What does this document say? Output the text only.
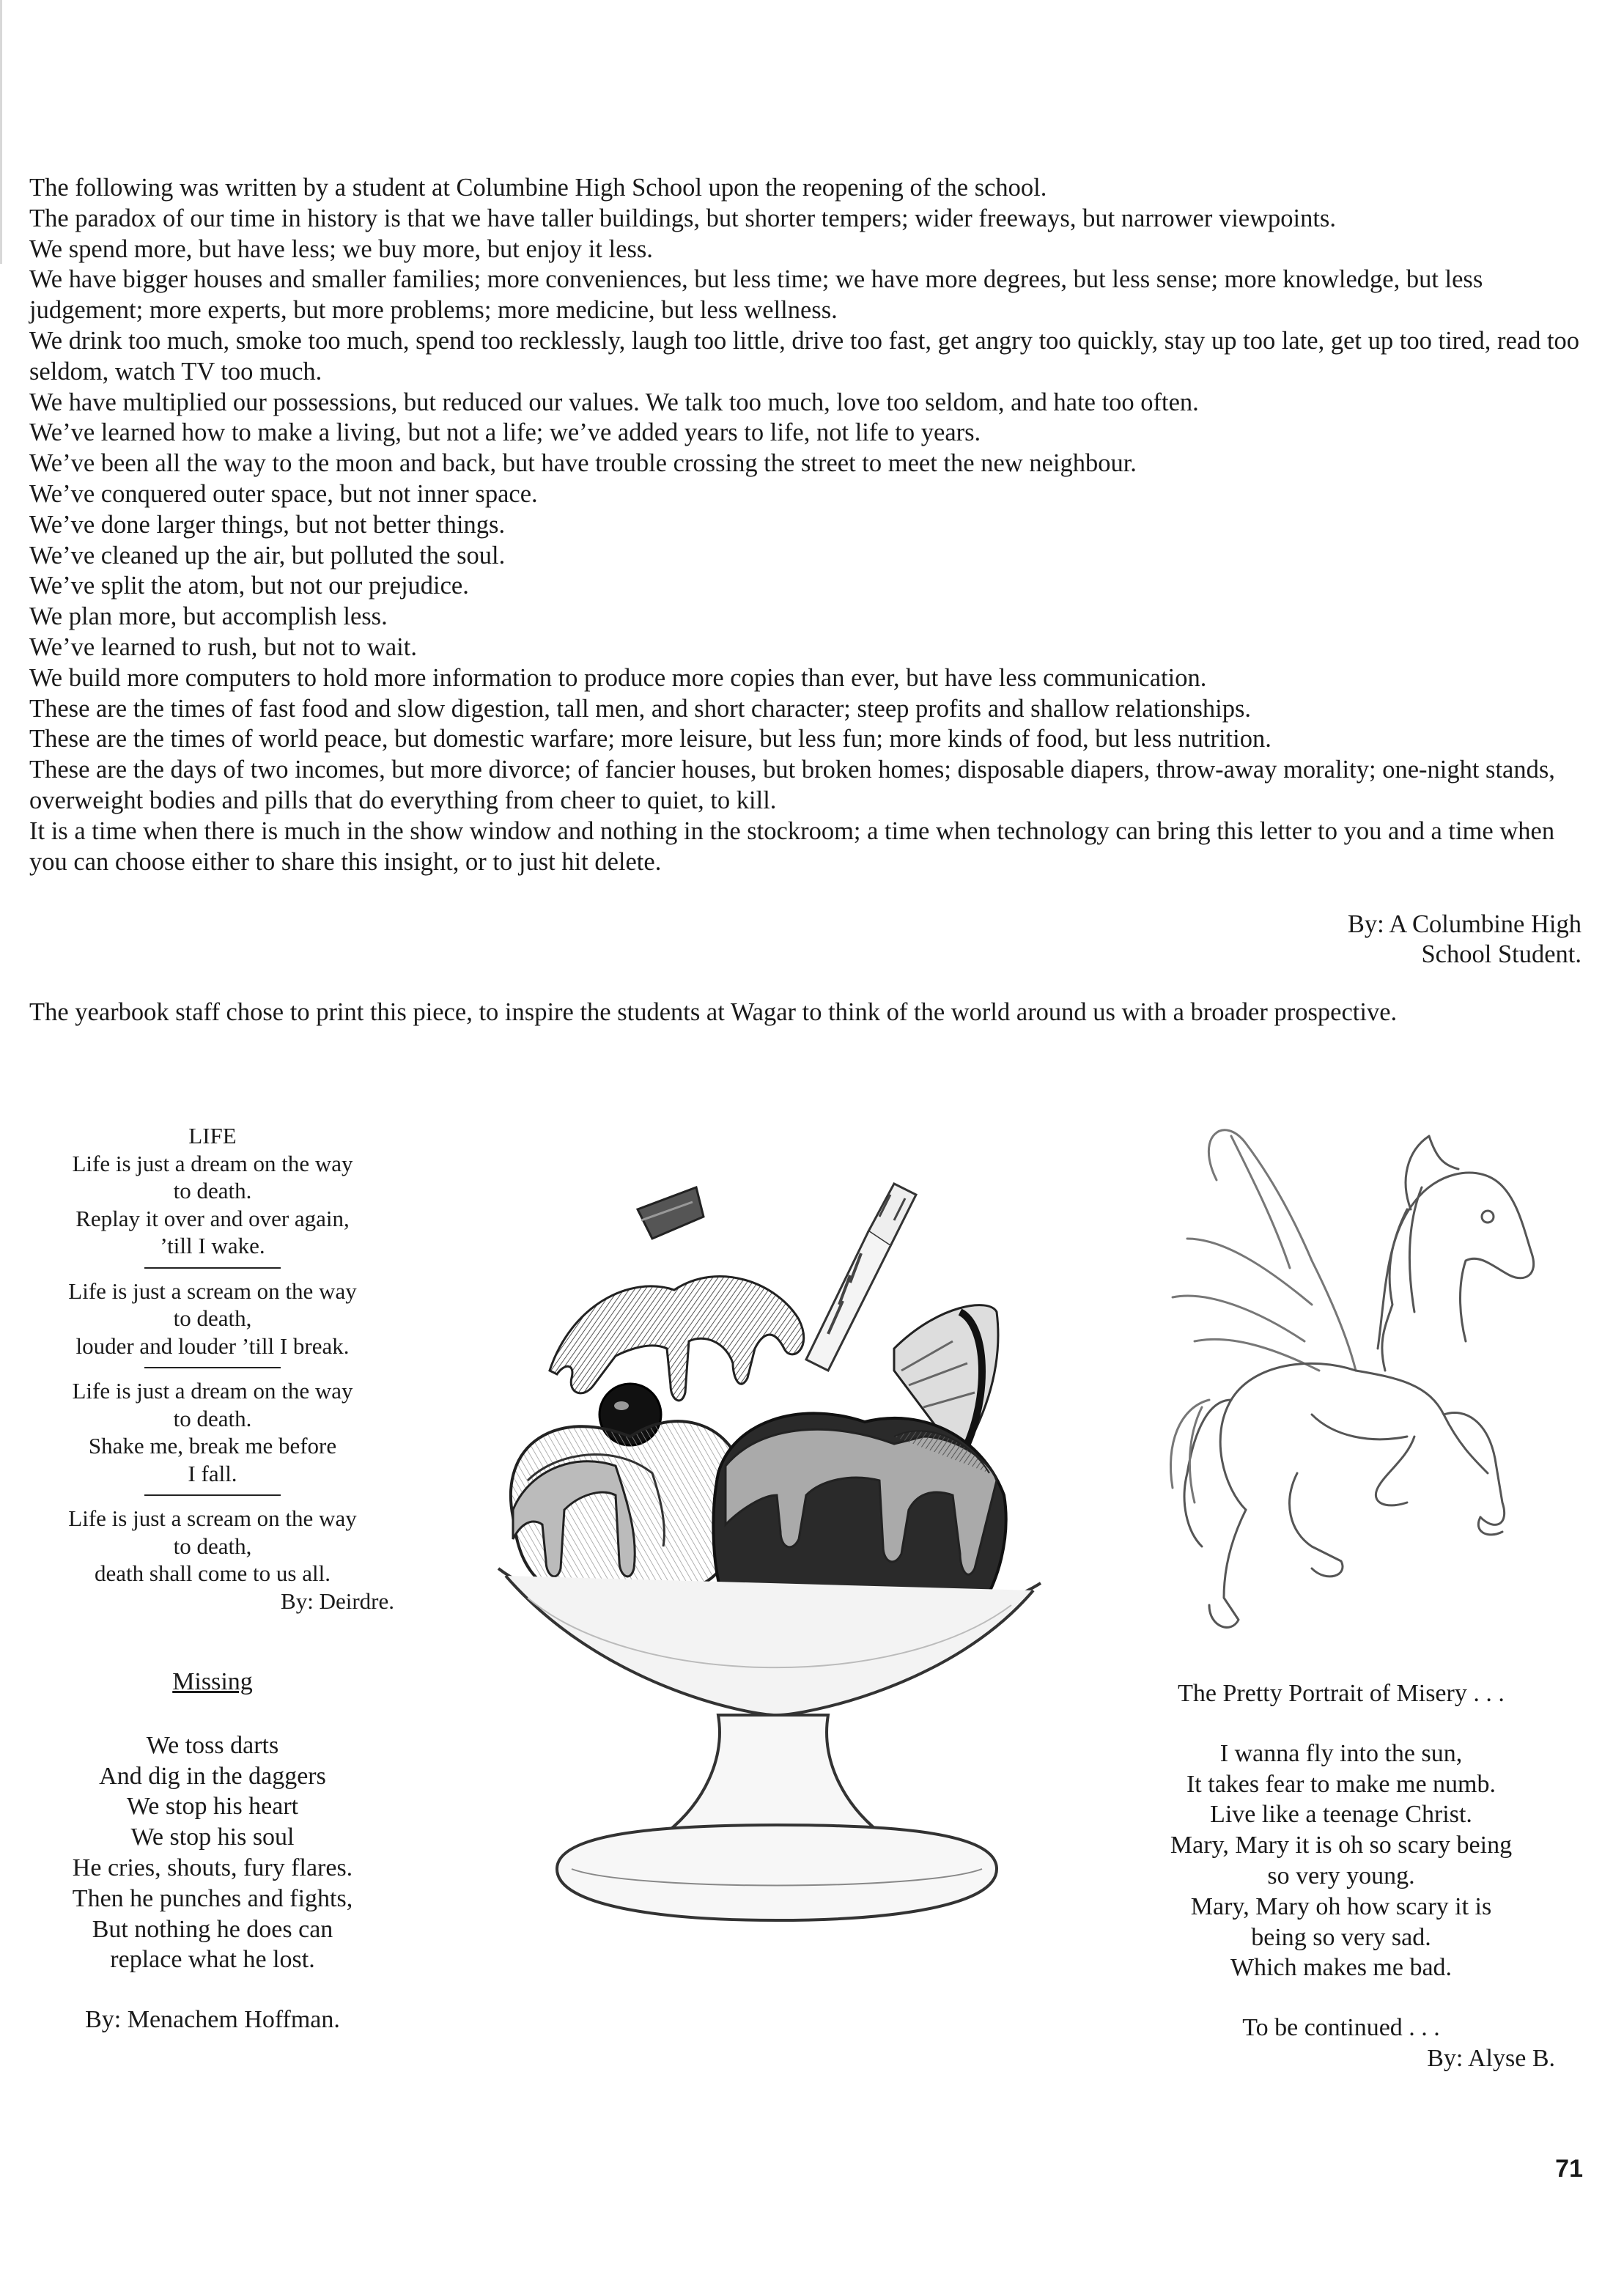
The following was written by a student at Columbine High School upon the reopening of the school.

The paradox of our time in history is that we have taller buildings, but shorter tempers; wider freeways, but narrower viewpoints.

We spend more, but have less; we buy more, but enjoy it less.

We have bigger houses and smaller families; more conveniences, but less time; we have more degrees, but less sense; more knowledge, but less judgement; more experts, but more problems; more medicine, but less wellness.

We drink too much, smoke too much, spend too recklessly, laugh too little, drive too fast, get angry too quickly, stay up too late, get up too tired, read too seldom, watch TV too much.

We have multiplied our possessions, but reduced our values. We talk too much, love too seldom, and hate too often.

We’ve learned how to make a living, but not a life; we’ve added years to life, not life to years.

We’ve been all the way to the moon and back, but have trouble crossing the street to meet the new neighbour.

We’ve conquered outer space, but not inner space.

We’ve done larger things, but not better things.

We’ve cleaned up the air, but polluted the soul.

We’ve split the atom, but not our prejudice.

We plan more, but accomplish less.

We’ve learned to rush, but not to wait.

We build more computers to hold more information to produce more copies than ever, but have less communication.

These are the times of fast food and slow digestion, tall men, and short character; steep profits and shallow relationships.

These are the times of world peace, but domestic warfare; more leisure, but less fun; more kinds of food, but less nutrition.

These are the days of two incomes, but more divorce; of fancier houses, but broken homes; disposable diapers, throw-away morality; one-night stands, overweight bodies and pills that do everything from cheer to quiet, to kill.

It is a time when there is much in the show window and nothing in the stockroom; a time when technology can bring this letter to you and a time when you can choose either to share this insight, or to just hit delete.

By: A Columbine High
School Student.
The yearbook staff chose to print this piece, to inspire the students at Wagar to think of the world around us with a broader prospective.
LIFE
Life is just a dream on the way
to death.
Replay it over and over again,
’till I wake.
Life is just a scream on the way
to death,
louder and louder ’till I break.
Life is just a dream on the way
to death.
Shake me, break me before
I fall.
Life is just a scream on the way
to death,
death shall come to us all.
By: Deirdre.
Missing
We toss darts
And dig in the daggers
We stop his heart
We stop his soul
He cries, shouts, fury flares.
Then he punches and fights,
But nothing he does can
replace what he lost.
By: Menachem Hoffman.
The Pretty Portrait of Misery . . .
I wanna fly into the sun,
It takes fear to make me numb.
Live like a teenage Christ.
Mary, Mary it is oh so scary being
so very young.
Mary, Mary oh how scary it is
being so very sad.
Which makes me bad.
To be continued . . .
By: Alyse B.
71
